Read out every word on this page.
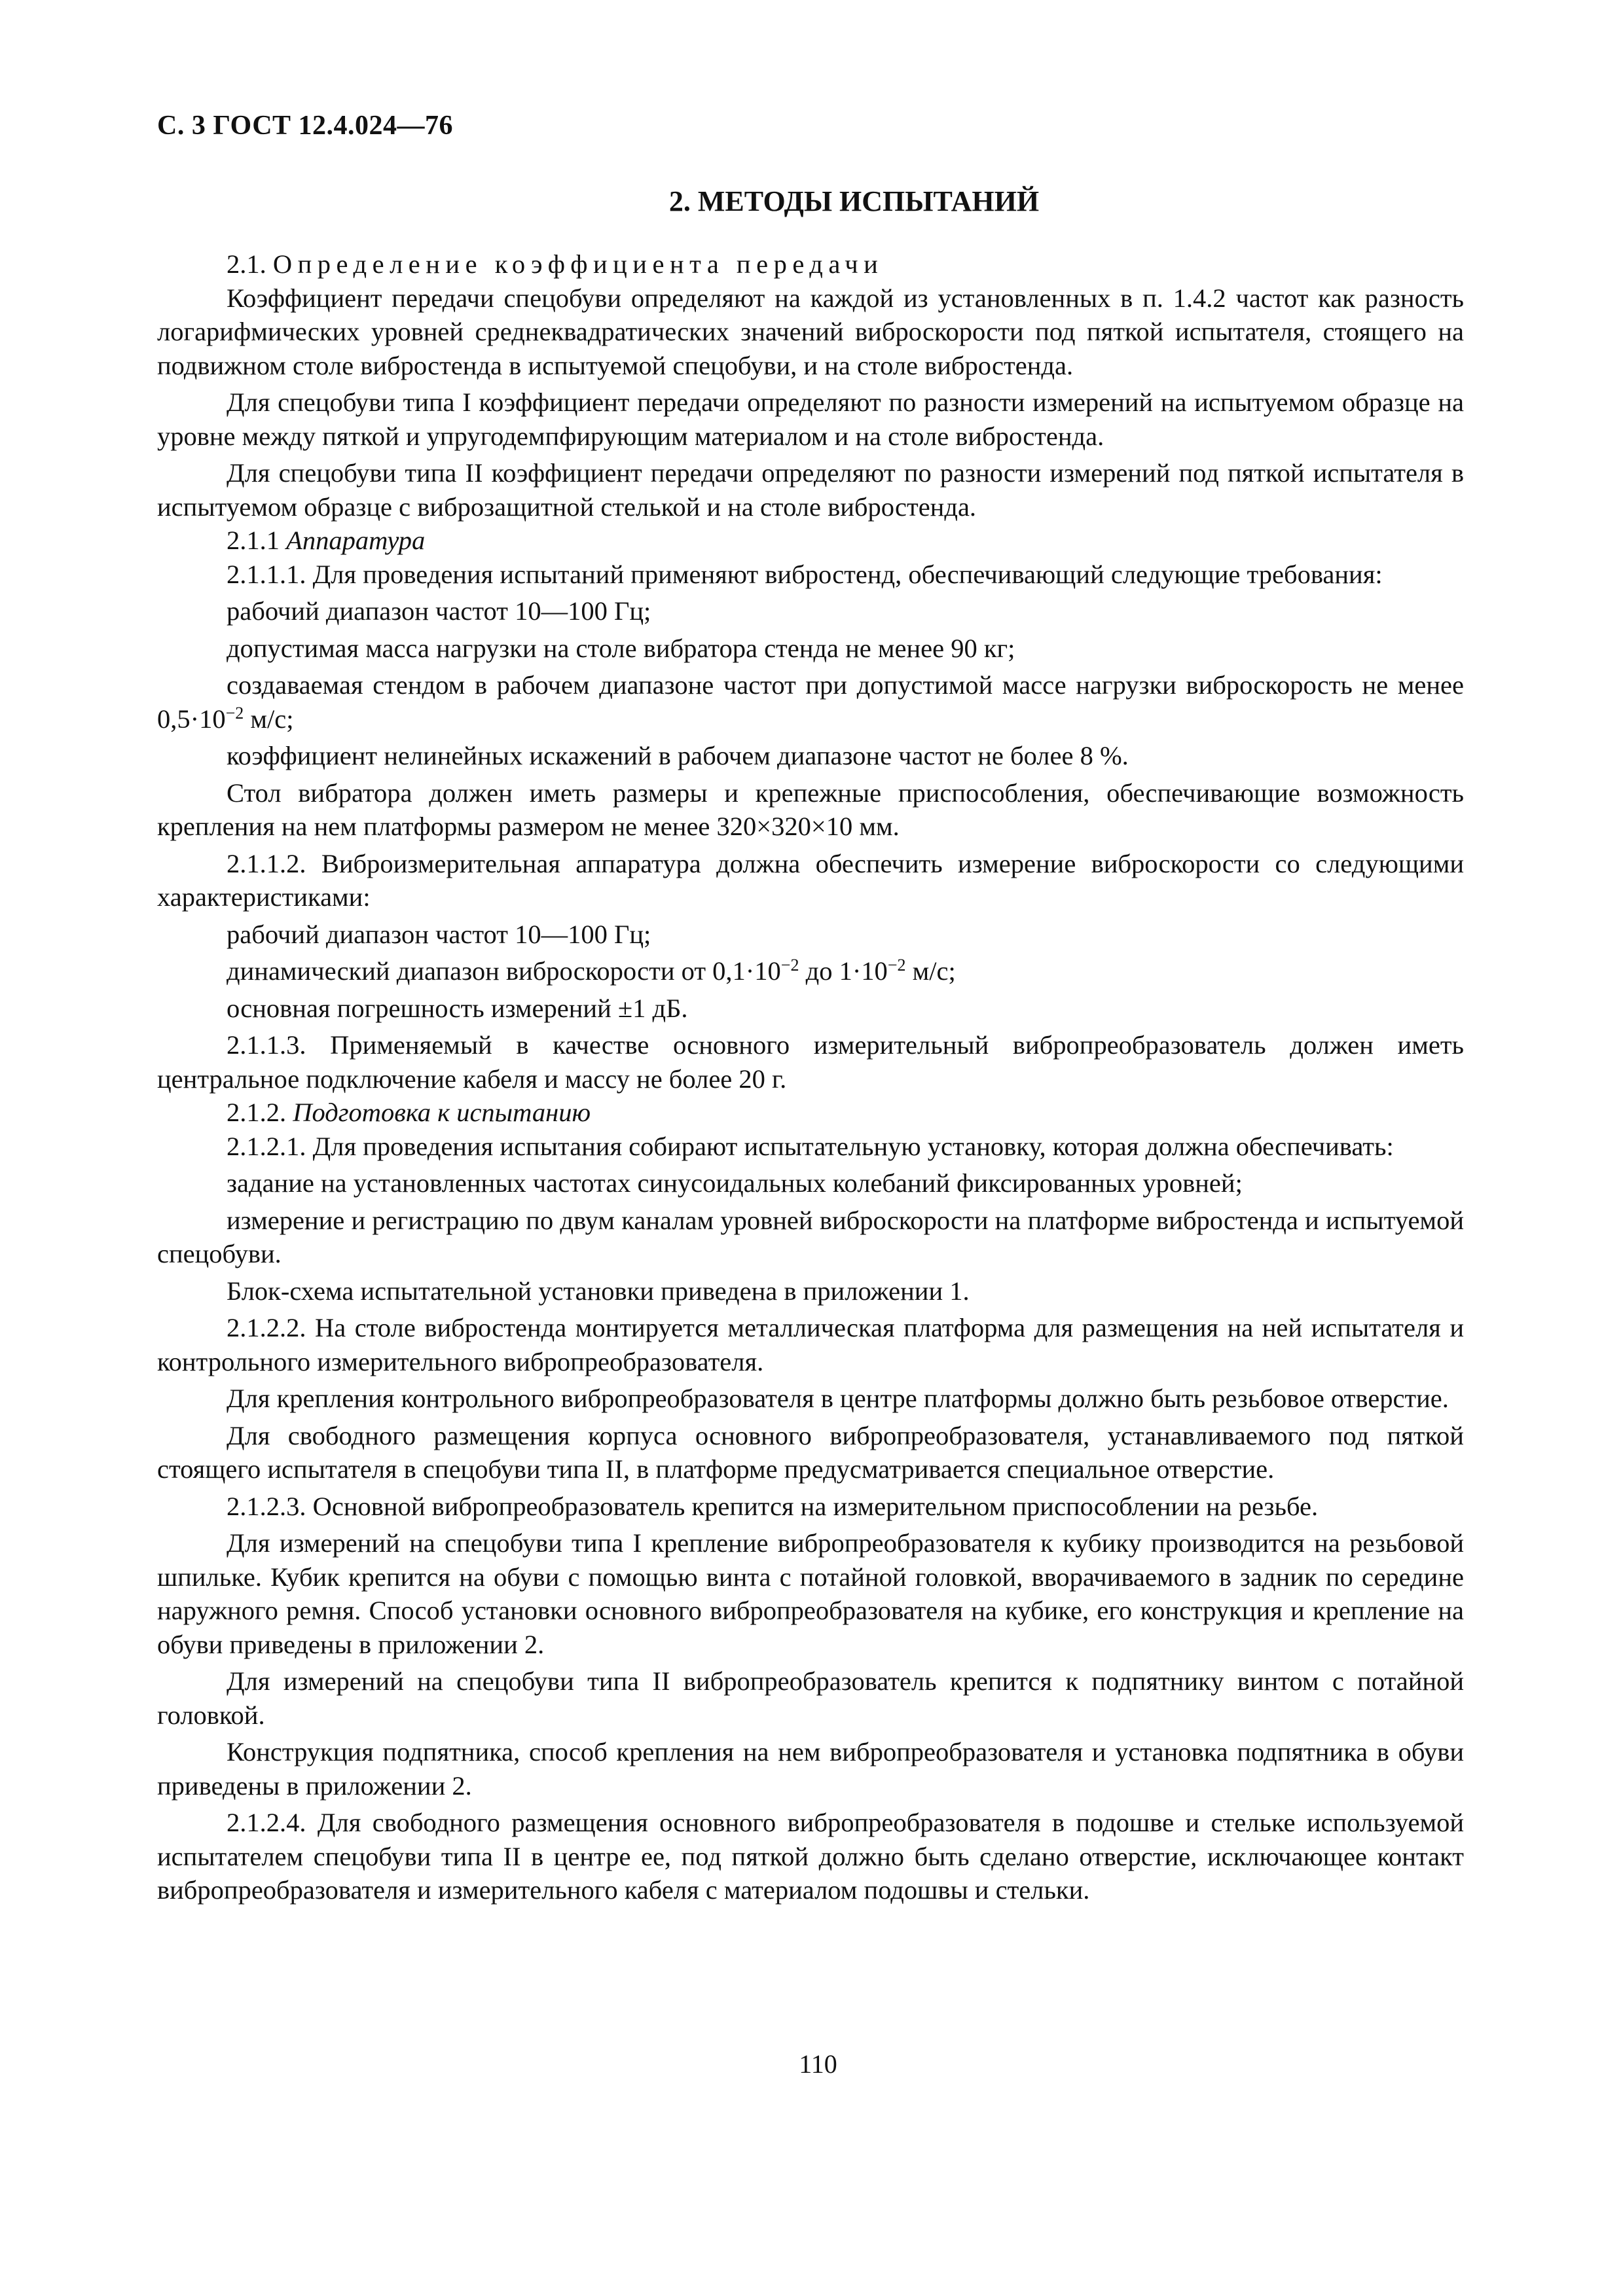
С. 3 ГОСТ 12.4.024—76
2. МЕТОДЫ ИСПЫТАНИЙ

2.1. Определение коэффициента передачи

Коэффициент передачи спецобуви определяют на каждой из установленных в п. 1.4.2 частот как разность логарифмических уровней среднеквадратических значений виброскорости под пяткой испытателя, стоящего на подвижном столе вибростенда в испытуемой спецобуви, и на столе вибростенда.

Для спецобуви типа I коэффициент передачи определяют по разности измерений на испытуемом образце на уровне между пяткой и упругодемпфирующим материалом и на столе вибростенда.

Для спецобуви типа II коэффициент передачи определяют по разности измерений под пяткой испытателя в испытуемом образце с виброзащитной стелькой и на столе вибростенда.

2.1.1 Аппаратура

2.1.1.1. Для проведения испытаний применяют вибростенд, обеспечивающий следующие требования:

рабочий диапазон частот 10—100 Гц;

допустимая масса нагрузки на столе вибратора стенда не менее 90 кг;

создаваемая стендом в рабочем диапазоне частот при допустимой массе нагрузки виброскорость не менее $0,5\cdot 10^{-2}$ м/с;

коэффициент нелинейных искажений в рабочем диапазоне частот не более 8 %.

Стол вибратора должен иметь размеры и крепежные приспособления, обеспечивающие возможность крепления на нем платформы размером не менее 320×320×10 мм.

2.1.1.2. Виброизмерительная аппаратура должна обеспечить измерение виброскорости со следующими характеристиками:

рабочий диапазон частот 10—100 Гц;

динамический диапазон виброскорости от $0,1\cdot 10^{-2}$ до $1\cdot 10^{-2}$ м/с;

основная погрешность измерений ±1 дБ.

2.1.1.3. Применяемый в качестве основного измерительный вибропреобразователь должен иметь центральное подключение кабеля и массу не более 20 г.

2.1.2. Подготовка к испытанию

2.1.2.1. Для проведения испытания собирают испытательную установку, которая должна обеспечивать:

задание на установленных частотах синусоидальных колебаний фиксированных уровней;

измерение и регистрацию по двум каналам уровней виброскорости на платформе вибростенда и испытуемой спецобуви.

Блок-схема испытательной установки приведена в приложении 1.

2.1.2.2. На столе вибростенда монтируется металлическая платформа для размещения на ней испытателя и контрольного измерительного вибропреобразователя.

Для крепления контрольного вибропреобразователя в центре платформы должно быть резьбовое отверстие.

Для свободного размещения корпуса основного вибропреобразователя, устанавливаемого под пяткой стоящего испытателя в спецобуви типа II, в платформе предусматривается специальное отверстие.

2.1.2.3. Основной вибропреобразователь крепится на измерительном приспособлении на резьбе.

Для измерений на спецобуви типа I крепление вибропреобразователя к кубику производится на резьбовой шпильке. Кубик крепится на обуви с помощью винта с потайной головкой, вворачиваемого в задник по середине наружного ремня. Способ установки основного вибропреобразователя на кубике, его конструкция и крепление на обуви приведены в приложении 2.

Для измерений на спецобуви типа II вибропреобразователь крепится к подпятнику винтом с потайной головкой.

Конструкция подпятника, способ крепления на нем вибропреобразователя и установка подпятника в обуви приведены в приложении 2.

2.1.2.4. Для свободного размещения основного вибропреобразователя в подошве и стельке используемой испытателем спецобуви типа II в центре ее, под пяткой должно быть сделано отверстие, исключающее контакт вибропреобразователя и измерительного кабеля с материалом подошвы и стельки.

110
